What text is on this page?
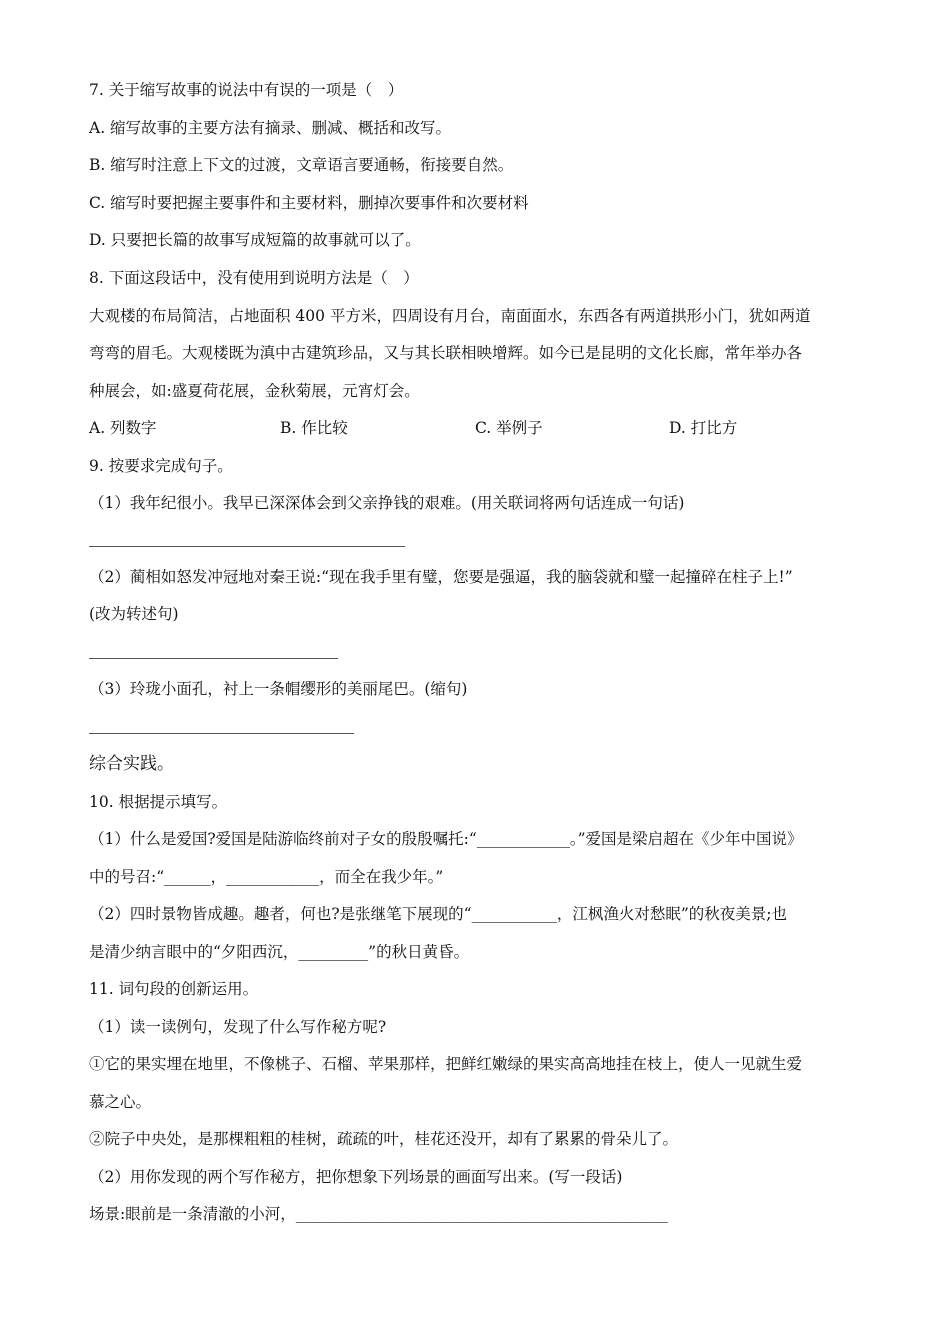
7. 关于缩写故事的说法中有误的一项是（　）
A. 缩写故事的主要方法有摘录、删减、概括和改写。
B. 缩写时注意上下文的过渡，文章语言要通畅，衔接要自然。
C. 缩写时要把握主要事件和主要材料，删掉次要事件和次要材料
D. 只要把长篇的故事写成短篇的故事就可以了。
8. 下面这段话中，没有使用到说明方法是（　）
大观楼的布局简洁，占地面积 400 平方米，四周设有月台，南面面水，东西各有两道拱形小门，犹如两道
弯弯的眉毛。大观楼既为滇中古建筑珍品，又与其长联相映增辉。如今已是昆明的文化长廊，常年举办各
种展会，如:盛夏荷花展，金秋菊展，元宵灯会。
A. 列数字	B. 作比较	C. 举例子	D. 打比方
9. 按要求完成句子。
（1）我年纪很小。我早已深深体会到父亲挣钱的艰难。(用关联词将两句话连成一句话)
（2）蔺相如怒发冲冠地对秦王说:“现在我手里有璧，您要是强逼，我的脑袋就和璧一起撞碎在柱子上!”
(改为转述句)
（3）玲珑小面孔，衬上一条帽缨形的美丽尾巴。(缩句)
综合实践。
10. 根据提示填写。
（1）什么是爱国?爱国是陆游临终前对子女的殷殷嘱托:“____________。”爱国是梁启超在《少年中国说》
中的号召:“______，____________，而全在我少年。”
（2）四时景物皆成趣。趣者，何也?是张继笔下展现的“___________，江枫渔火对愁眠”的秋夜美景;也
是清少纳言眼中的“夕阳西沉，_________”的秋日黄昏。
11. 词句段的创新运用。
（1）读一读例句，发现了什么写作秘方呢?
①它的果实埋在地里，不像桃子、石榴、苹果那样，把鲜红嫩绿的果实高高地挂在枝上，使人一见就生爱
慕之心。
②院子中央处，是那棵粗粗的桂树，疏疏的叶，桂花还没开，却有了累累的骨朵儿了。
（2）用你发现的两个写作秘方，把你想象下列场景的画面写出来。(写一段话)
场景:眼前是一条清澈的小河，________________________________________________
